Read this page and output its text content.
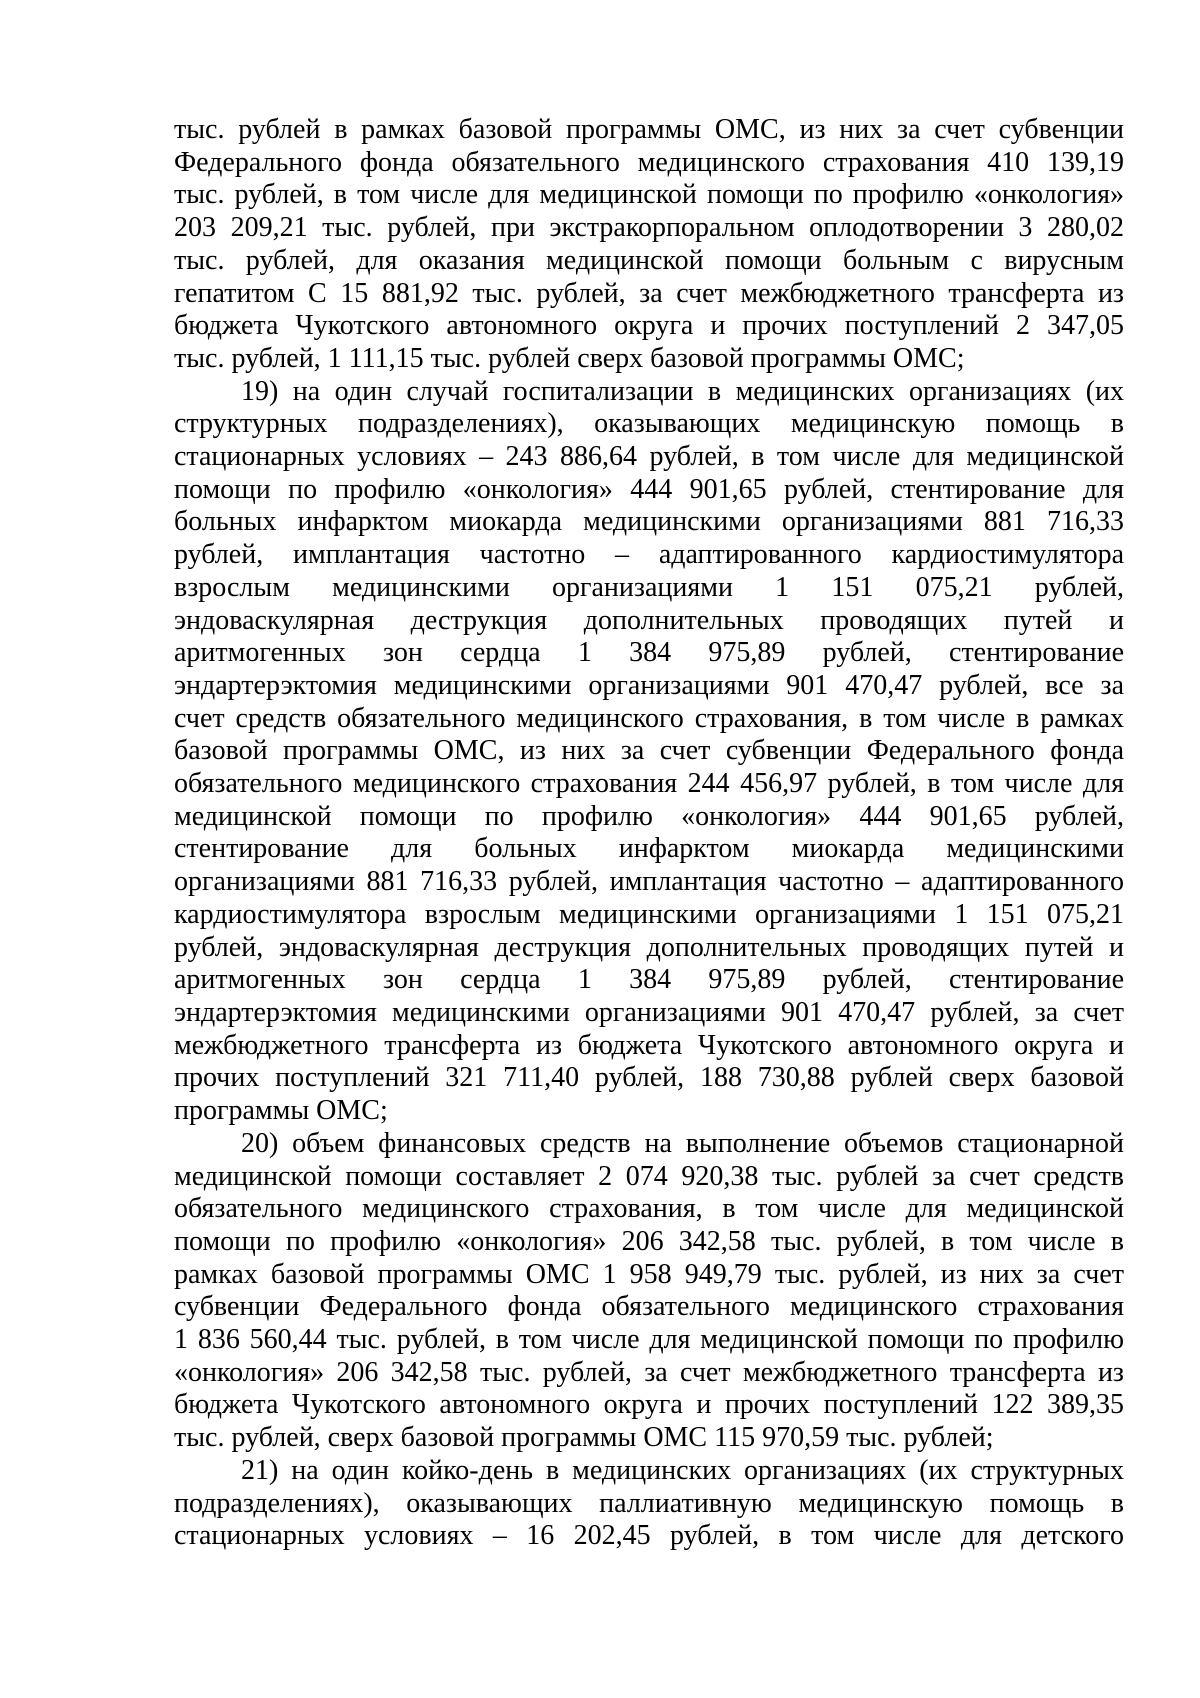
тыс. рублей в рамках базовой программы ОМС, из них за счет субвенции
Федерального фонда обязательного медицинского страхования 410 139,19
тыс. рублей, в том числе для медицинской помощи по профилю «онкология»
203 209,21 тыс. рублей, при экстракорпоральном оплодотворении 3 280,02
тыс. рублей, для оказания медицинской помощи больным с вирусным
гепатитом С 15 881,92 тыс. рублей, за счет межбюджетного трансферта из
бюджета Чукотского автономного округа и прочих поступлений 2 347,05
тыс. рублей, 1 111,15 тыс. рублей сверх базовой программы ОМС;
19) на один случай госпитализации в медицинских организациях (их
структурных подразделениях), оказывающих медицинскую помощь в
стационарных условиях – 243 886,64 рублей, в том числе для медицинской
помощи по профилю «онкология» 444 901,65 рублей, стентирование для
больных инфарктом миокарда медицинскими организациями 881 716,33
рублей, имплантация частотно – адаптированного кардиостимулятора
взрослым медицинскими организациями 1 151 075,21 рублей,
эндоваскулярная деструкция дополнительных проводящих путей и
аритмогенных зон сердца 1 384 975,89 рублей, стентирование
эндартерэктомия медицинскими организациями 901 470,47 рублей, все за
счет средств обязательного медицинского страхования, в том числе в рамках
базовой программы ОМС, из них за счет субвенции Федерального фонда
обязательного медицинского страхования 244 456,97 рублей, в том числе для
медицинской помощи по профилю «онкология» 444 901,65 рублей,
стентирование для больных инфарктом миокарда медицинскими
организациями 881 716,33 рублей, имплантация частотно – адаптированного
кардиостимулятора взрослым медицинскими организациями 1 151 075,21
рублей, эндоваскулярная деструкция дополнительных проводящих путей и
аритмогенных зон сердца 1 384 975,89 рублей, стентирование
эндартерэктомия медицинскими организациями 901 470,47 рублей, за счет
межбюджетного трансферта из бюджета Чукотского автономного округа и
прочих поступлений 321 711,40 рублей, 188 730,88 рублей сверх базовой
программы ОМС;
20) объем финансовых средств на выполнение объемов стационарной
медицинской помощи составляет 2 074 920,38 тыс. рублей за счет средств
обязательного медицинского страхования, в том числе для медицинской
помощи по профилю «онкология» 206 342,58 тыс. рублей, в том числе в
рамках базовой программы ОМС 1 958 949,79 тыс. рублей, из них за счет
субвенции Федерального фонда обязательного медицинского страхования
1 836 560,44 тыс. рублей, в том числе для медицинской помощи по профилю
«онкология» 206 342,58 тыс. рублей, за счет межбюджетного трансферта из
бюджета Чукотского автономного округа и прочих поступлений 122 389,35
тыс. рублей, сверх базовой программы ОМС 115 970,59 тыс. рублей;
21) на один койко-день в медицинских организациях (их структурных
подразделениях), оказывающих паллиативную медицинскую помощь в
стационарных условиях – 16 202,45 рублей, в том числе для детского
